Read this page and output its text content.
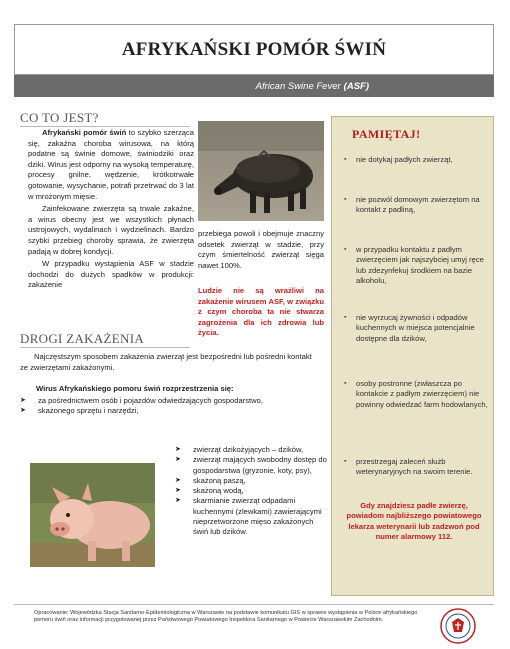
AFRYKAŃSKI POMÓR ŚWIŃ
African Swine Fever (ASF)
CO TO JEST?

Afrykański pomór świń to szybko szerząca się, zakaźna choroba wirusowa, na którą podatne są świnie domowe, świniodziki oraz dziki. Wirus jest odporny na wysoką temperaturę, procesy gnilne, wędzenie, krótkotrwałe gotowanie, wysychanie, potrafi przetrwać do 3 lat w mrożonym mięsie.

Zainfekowane zwierzęta są trwale zakaźne, a wirus obecny jest we wszystkich płynach ustrojowych, wydalinach i wydzielinach. Bardzo szybki przebieg choroby sprawia, że zwierzęta padają w dobrej kondycji.

W przypadku wystąpienia ASF w stadzie dochodzi do dużych spadków w produkcji: zakażenie

przebiega powoli i obejmuje znaczny odsetek zwierząt w stadzie, przy czym śmiertelność zwierząt sięga nawet 100%.

Ludzie nie są wrażliwi na zakażenie wirusem ASF, w związku z czym choroba ta nie stwarza zagrożenia dla ich zdrowia lub życia.
DROGI ZAKAŻENIA

Najczęstszym sposobem zakażenia zwierząt jest bezpośredni lub pośredni kontakt ze zwierzętami zakażonymi.

Wirus Afrykańskiego pomoru świń rozprzestrzenia się:
➤ za pośrednictwem osób i pojazdów odwiedzających gospodarstwo,
➤ skażonego sprzętu i narzędzi,
➤ zwierząt dzikożyjących – dzików,
➤ zwierząt mających swobodny dostęp do gospodarstwa (gryzonie, koty, psy),
➤ skażoną paszą,
➤ skażoną wodą,
➤ skarmianie zwierząt odpadami kuchennymi (zlewkami) zawierającymi nieprzetworzone mięso zakażonych świń lub dzików.
PAMIĘTAJ!
▪ nie dotykaj padłych zwierząt,
▪ nie pozwól domowym zwierzętom na kontakt z padliną,
▪ w przypadku kontaktu z padłym zwierzęciem jak najszybciej umyj ręce lub zdezynfekuj środkiem na bazie alkoholu,
▪ nie wyrzucaj żywności i odpadów kuchennych w miejsca potencjalnie dostępne dla dzików,
▪ osoby postronne (zwłaszcza po kontakcie z padłym zwierzęciem) nie powinny odwiedzać farm hodowlanych,
▪ przestrzegaj zaleceń służb weterynaryjnych na swoim terenie.
Gdy znajdziesz padłe zwierzę, powiadom najbliższego powiatowego lekarza weterynarii lub zadzwoń pod numer alarmowy 112.
Opracowanie: Wojewódzka Stacja Sanitarno-Epidemiologiczna w Warszawie na podstawie komunikatu GIS w sprawie wystąpienia w Polsce afrykańskiego pomoru świń oraz informacji przygotowanej przez Państwowego Powiatowego Inspektora Sanitarnego w Powiecie Warszawskim Zachodnim.
